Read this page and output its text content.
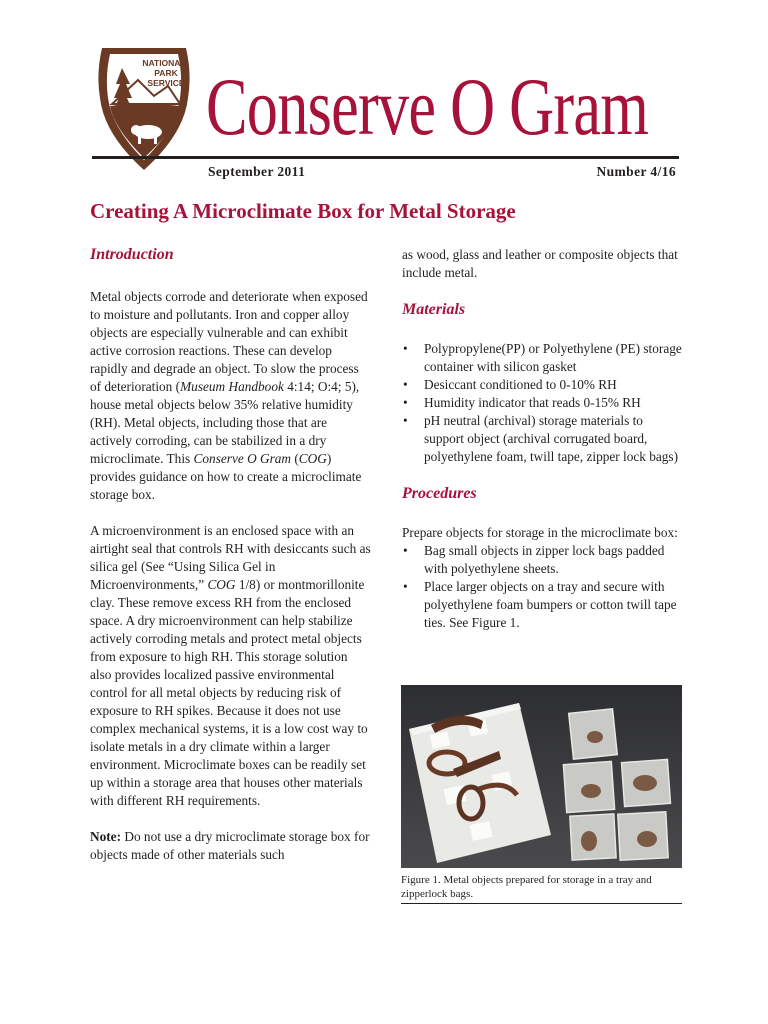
NATIONAL
PARK
SERVICE Conserve O Gram
September 2011	Number 4/16
Creating A Microclimate Box for Metal Storage
Introduction

Metal objects corrode and deteriorate when exposed to moisture and pollutants. Iron and copper alloy objects are especially vulnerable and can exhibit active corrosion reactions. These can develop rapidly and degrade an object. To slow the process of deterioration (Museum Handbook 4:14; O:4; 5), house metal objects below 35% relative humidity (RH). Metal objects, including those that are actively corroding, can be stabilized in a dry microclimate. This Conserve O Gram (COG) provides guidance on how to create a microclimate storage box.

A microenvironment is an enclosed space with an airtight seal that controls RH with desiccants such as silica gel (See “Using Silica Gel in Microenvironments,” COG 1/8) or montmorillonite clay. These remove excess RH from the enclosed space. A dry microenvironment can help stabilize actively corroding metals and protect metal objects from exposure to high RH. This storage solution also provides localized passive environmental control for all metal objects by reducing risk of exposure to RH spikes. Because it does not use complex mechanical systems, it is a low cost way to isolate metals in a dry climate within a larger environment. Microclimate boxes can be readily set up within a storage area that houses other materials with different RH requirements.

Note: Do not use a dry microclimate storage box for objects made of other materials such

as wood, glass and leather or composite objects that include metal.

Materials
• Polypropylene(PP) or Polyethylene (PE) storage container with silicon gasket
• Desiccant conditioned to 0-10% RH
• Humidity indicator that reads 0-15% RH
• pH neutral (archival) storage materials to support object (archival corrugated board, polyethylene foam, twill tape, zipper lock bags)
Procedures

Prepare objects for storage in the microclimate box:

• Bag small objects in zipper lock bags padded with polyethylene sheets.
• Place larger objects on a tray and secure with polyethylene foam bumpers or cotton twill tape ties. See Figure 1.
Figure 1. Metal objects prepared for storage in a tray and zipperlock bags.
